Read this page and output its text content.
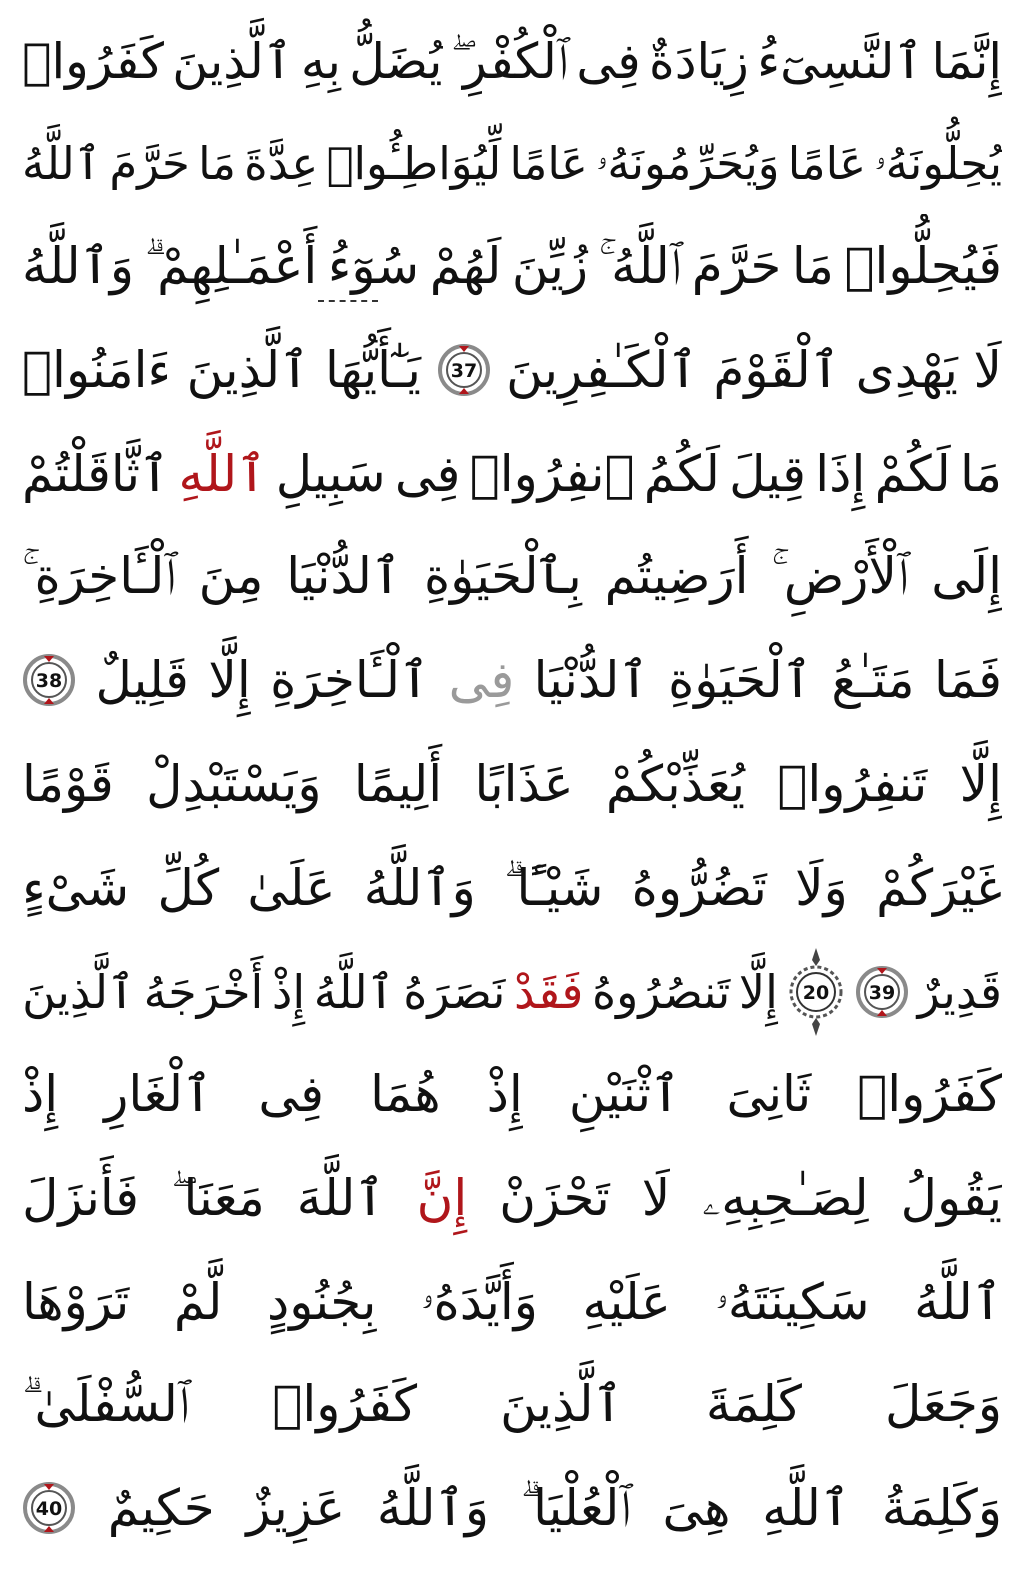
إِنَّمَا
ٱلنَّسِىٓءُ
زِيَادَةٌ
فِى
ٱلْكُفْرِ ۖ
يُضَلُّ
بِهِ
ٱلَّذِينَ
كَفَرُوا۟
يُحِلُّونَهُۥ
عَامًا
وَيُحَرِّمُونَهُۥ
عَامًا
لِّيُوَاطِـُٔوا۟
عِدَّةَ
مَا
حَرَّمَ
ٱللَّهُ
فَيُحِلُّوا۟
مَا
حَرَّمَ
ٱللَّهُ ۚ
زُيِّنَ
لَهُمْ
سُوٓءُ
أَعْمَـٰلِهِمْ ۗ
وَٱللَّهُ
لَا
يَهْدِى
ٱلْقَوْمَ
ٱلْكَـٰفِرِينَ
37
يَـٰٓأَيُّهَا
ٱلَّذِينَ
ءَامَنُوا۟
مَا
لَكُمْ
إِذَا
قِيلَ
لَكُمُ
ٱنفِرُوا۟
فِى
سَبِيلِ
ٱللَّهِ
ٱثَّاقَلْتُمْ
إِلَى
ٱلْأَرْضِ ۚ
أَرَضِيتُم
بِٱلْحَيَوٰةِ
ٱلدُّنْيَا
مِنَ
ٱلْـَٔاخِرَةِ ۚ
فَمَا
مَتَـٰعُ
ٱلْحَيَوٰةِ
ٱلدُّنْيَا
فِى
ٱلْـَٔاخِرَةِ
إِلَّا
قَلِيلٌ
38
إِلَّا
تَنفِرُوا۟
يُعَذِّبْكُمْ
عَذَابًا
أَلِيمًا
وَيَسْتَبْدِلْ
قَوْمًا
غَيْرَكُمْ
وَلَا
تَضُرُّوهُ
شَيْـًٔا ۗ
وَٱللَّهُ
عَلَىٰ
كُلِّ
شَىْءٍ
قَدِيرٌ
39
20
إِلَّا
تَنصُرُوهُ
فَقَدْ
نَصَرَهُ
ٱللَّهُ
إِذْ
أَخْرَجَهُ
ٱلَّذِينَ
كَفَرُوا۟
ثَانِىَ
ٱثْنَيْنِ
إِذْ
هُمَا
فِى
ٱلْغَارِ
إِذْ
يَقُولُ
لِصَـٰحِبِهِۦ
لَا
تَحْزَنْ
إِنَّ
ٱللَّهَ
مَعَنَا ۖ
فَأَنزَلَ
ٱللَّهُ
سَكِينَتَهُۥ
عَلَيْهِ
وَأَيَّدَهُۥ
بِجُنُودٍ
لَّمْ
تَرَوْهَا
وَجَعَلَ
كَلِمَةَ
ٱلَّذِينَ
كَفَرُوا۟
ٱلسُّفْلَىٰ ۗ
وَكَلِمَةُ
ٱللَّهِ
هِىَ
ٱلْعُلْيَا ۗ
وَٱللَّهُ
عَزِيزٌ
حَكِيمٌ
40
